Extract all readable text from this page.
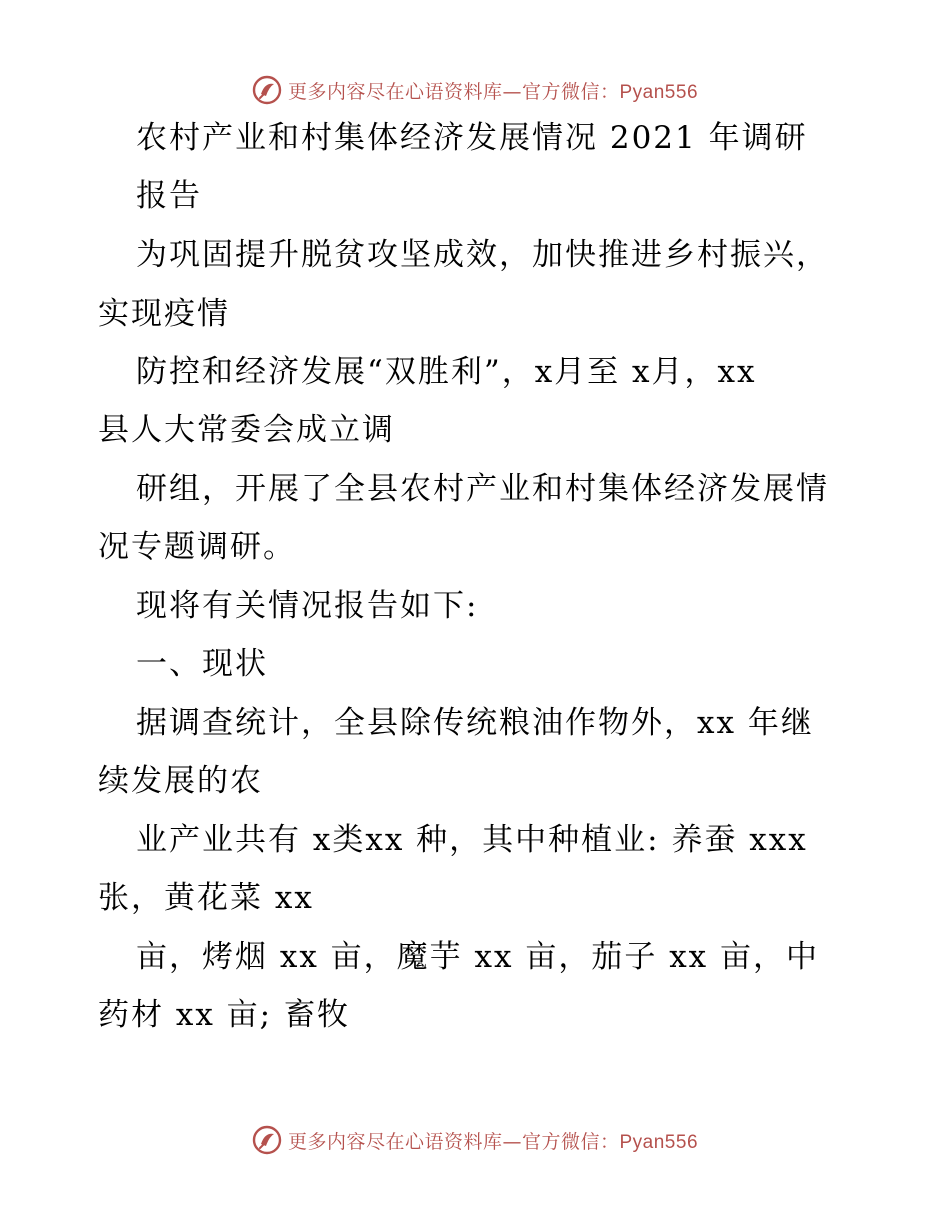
更多内容尽在心语资料库—官方微信：Pyan556
农村产业和村集体经济发展情况 2021 年调研
报告
为巩固提升脱贫攻坚成效，加快推进乡村振兴，
实现疫情
防控和经济发展“双胜利”，x月至 x月，xx
县人大常委会成立调
研组，开展了全县农村产业和村集体经济发展情
况专题调研。
现将有关情况报告如下:
一、现状
据调查统计，全县除传统粮油作物外，xx 年继
续发展的农
业产业共有 x类xx 种，其中种植业: 养蚕 xxx
张，黄花菜 xx
亩，烤烟 xx 亩，魔芋 xx 亩，茄子 xx 亩，中
药材 xx 亩; 畜牧
更多内容尽在心语资料库—官方微信：Pyan556
